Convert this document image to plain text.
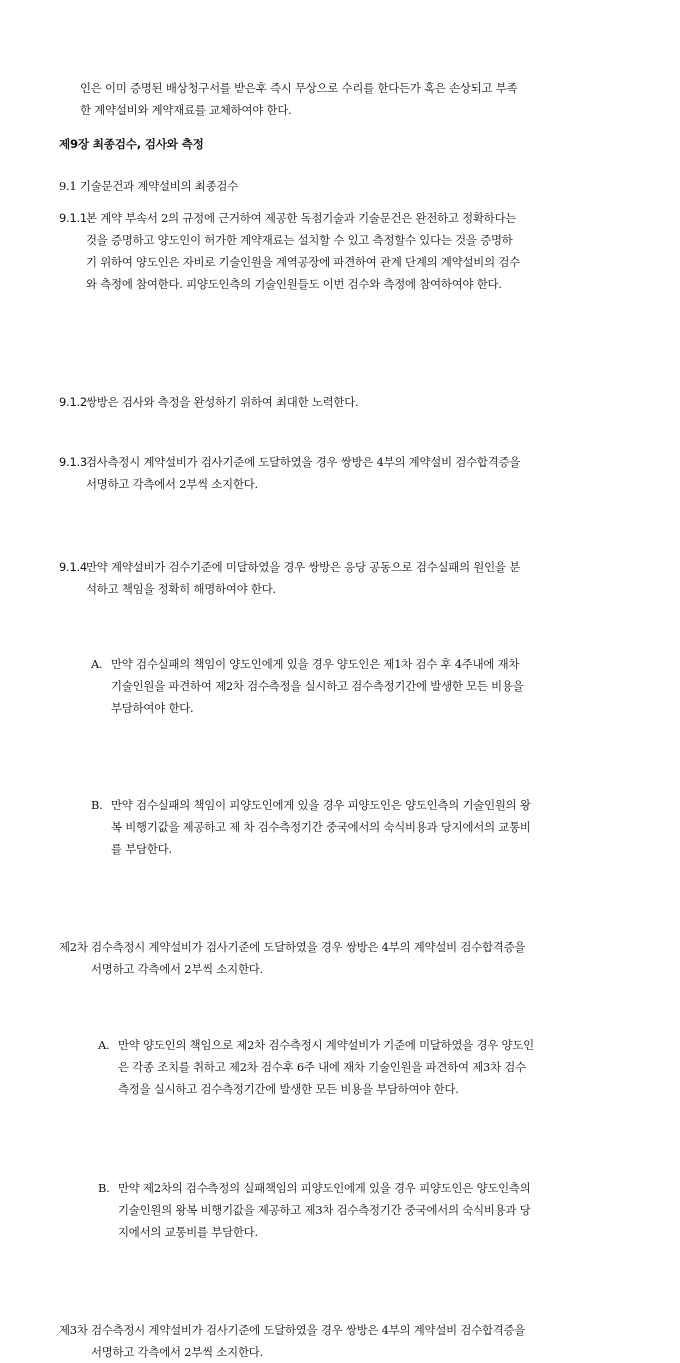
인은 이미 증명된 배상청구서를 받은후 즉시 무상으로 수리를 한다든가 혹은 손상되고 부족
한 계약설비와 계약재료를 교체하여야 한다.
제9장 최종검수, 검사와 측정
9.1 기술문건과 계약설비의 최종검수
9.1.1 본 계약 부속서 2의 규정에 근거하여 제공한 독점기술과 기술문건은 완전하고 정확하다는
것을 증명하고 양도인이 허가한 계약재료는 설치할 수 있고 측정할수 있다는 것을 증명하
기 위하여 양도인은 자비로 기술인원을 계역공장에 파견하여 관계 단계의 계약설비의 검수
와 측정에 참여한다. 피양도인측의 기술인원들도 이번 검수와 측정에 참여하여야 한다.
9.1.2 쌍방은 검사와 측정을 완성하기 위하여 최대한 노력한다.
9.1.3 검사측정시 계약설비가 검사기준에 도달하였을 경우 쌍방은 4부의 계약설비 검수합격증을
서명하고 각측에서 2부씩 소지한다.
9.1.4 만약 계약설비가 검수기준에 미달하였을 경우 쌍방은 응당 공동으로 검수실패의 원인을 분
석하고 책임을 정확히 해명하여야 한다.
A. 만약 검수실패의 책임이 양도인에게 있을 경우 양도인은 제1차 검수 후 4주내에 재차
기술인원을 파견하여 제2차 검수측정을 실시하고 검수측정기간에 발생한 모든 비용을
부담하여야 한다.
B. 만약 검수실패의 책임이 피양도인에게 있을 경우 피양도인은 양도인측의 기술인원의 왕
복 비행기값을 제공하고 제 차 검수측정기간 중국에서의 숙식비용과 당지에서의 교통비
를 부담한다.
제2차 검수측정시 계약설비가 검사기준에 도달하였을 경우 쌍방은 4부의 계약설비 검수합격증을
서명하고 각측에서 2부씩 소지한다.
A. 만약 양도인의 책임으로 제2차 검수측정시 계약설비가 기준에 미달하였을 경우 양도인
은 각종 조치를 취하고 제2차 검수후 6주 내에 재차 기술인원을 파견하여 제3차 검수
측정을 실시하고 검수측정기간에 발생한 모든 비용을 부담하여야 한다.
B. 만약 제2차의 검수측정의 실패책임의 피양도인에게 있을 경우 피양도인은 양도인측의
기술인원의 왕복 비행기값을 제공하고 제3차 검수측정기간 중국에서의 숙식비용과 당
지에서의 교통비를 부담한다.
제3차 검수측정시 계약설비가 검사기준에 도달하였을 경우 쌍방은 4부의 계약설비 검수합격증을
서명하고 각측에서 2부씩 소지한다.
